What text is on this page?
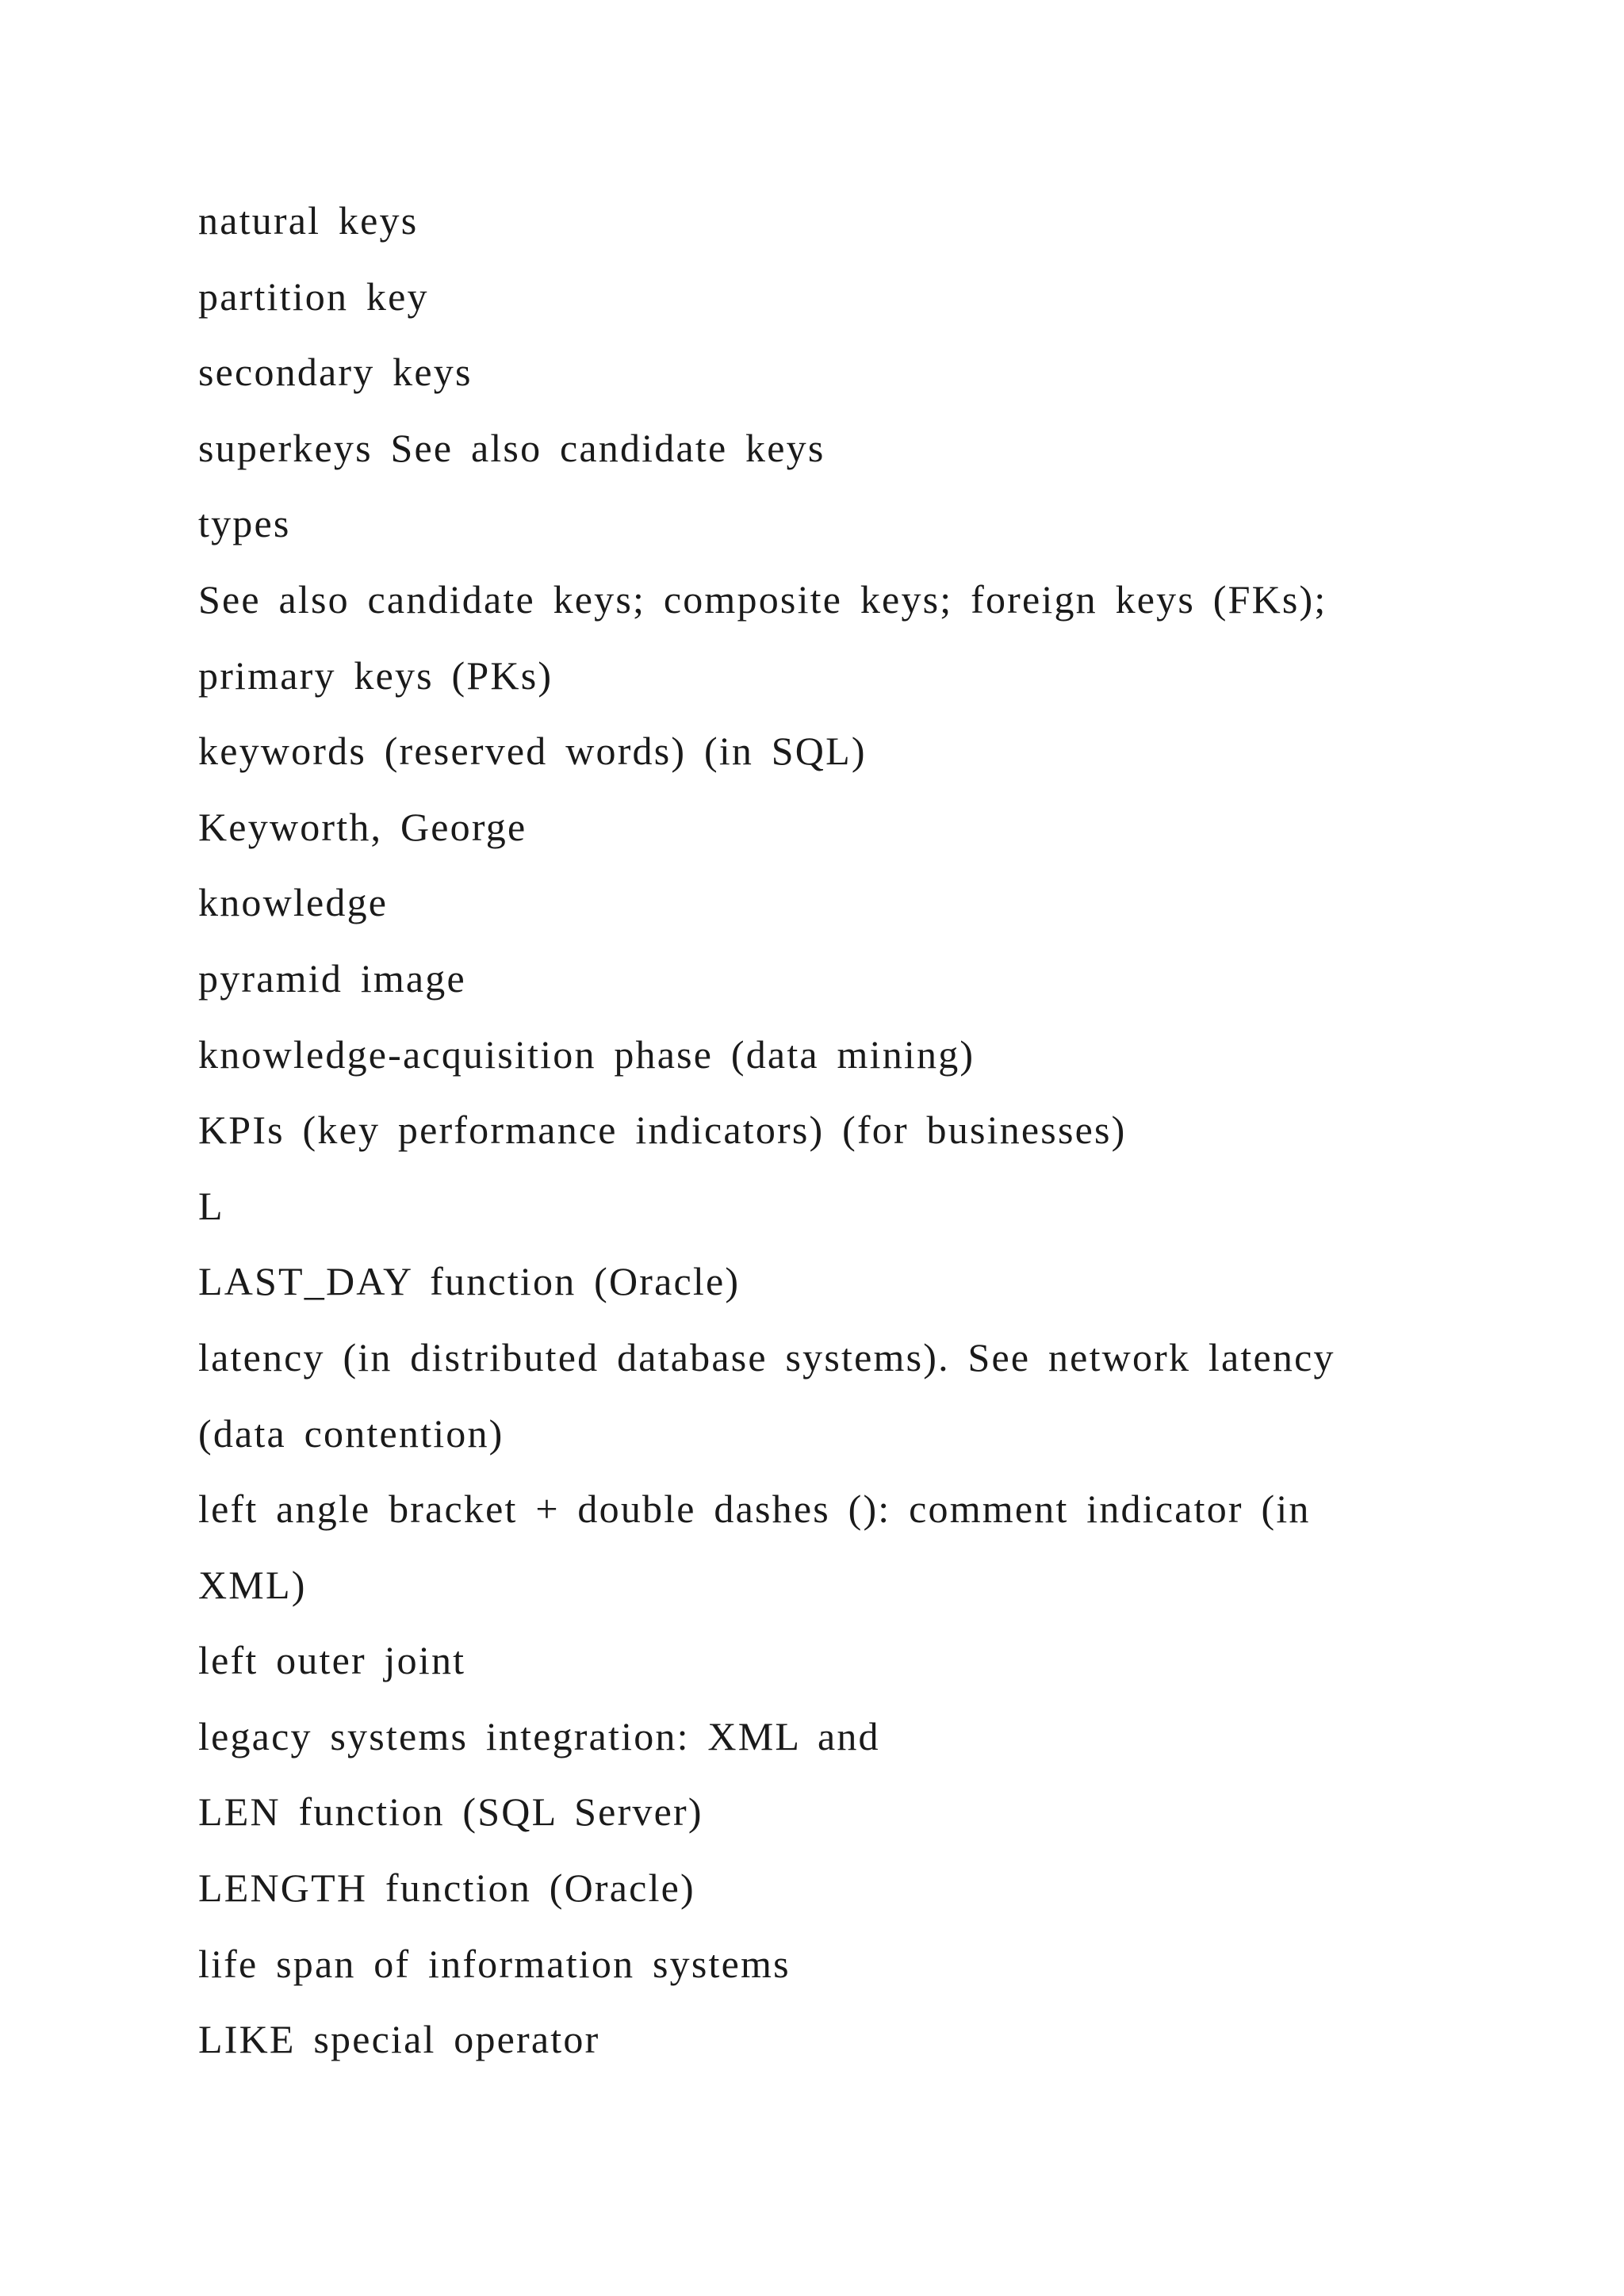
natural keys
partition key
secondary keys
superkeys See also candidate keys
types
See also candidate keys; composite keys; foreign keys (FKs);
primary keys (PKs)
keywords (reserved words) (in SQL)
Keyworth, George
knowledge
pyramid image
knowledge-acquisition phase (data mining)
KPIs (key performance indicators) (for businesses)
L
LAST_DAY function (Oracle)
latency (in distributed database systems). See network latency
(data contention)
left angle bracket + double dashes (): comment indicator (in
XML)
left outer joint
legacy systems integration: XML and
LEN function (SQL Server)
LENGTH function (Oracle)
life span of information systems
LIKE special operator
